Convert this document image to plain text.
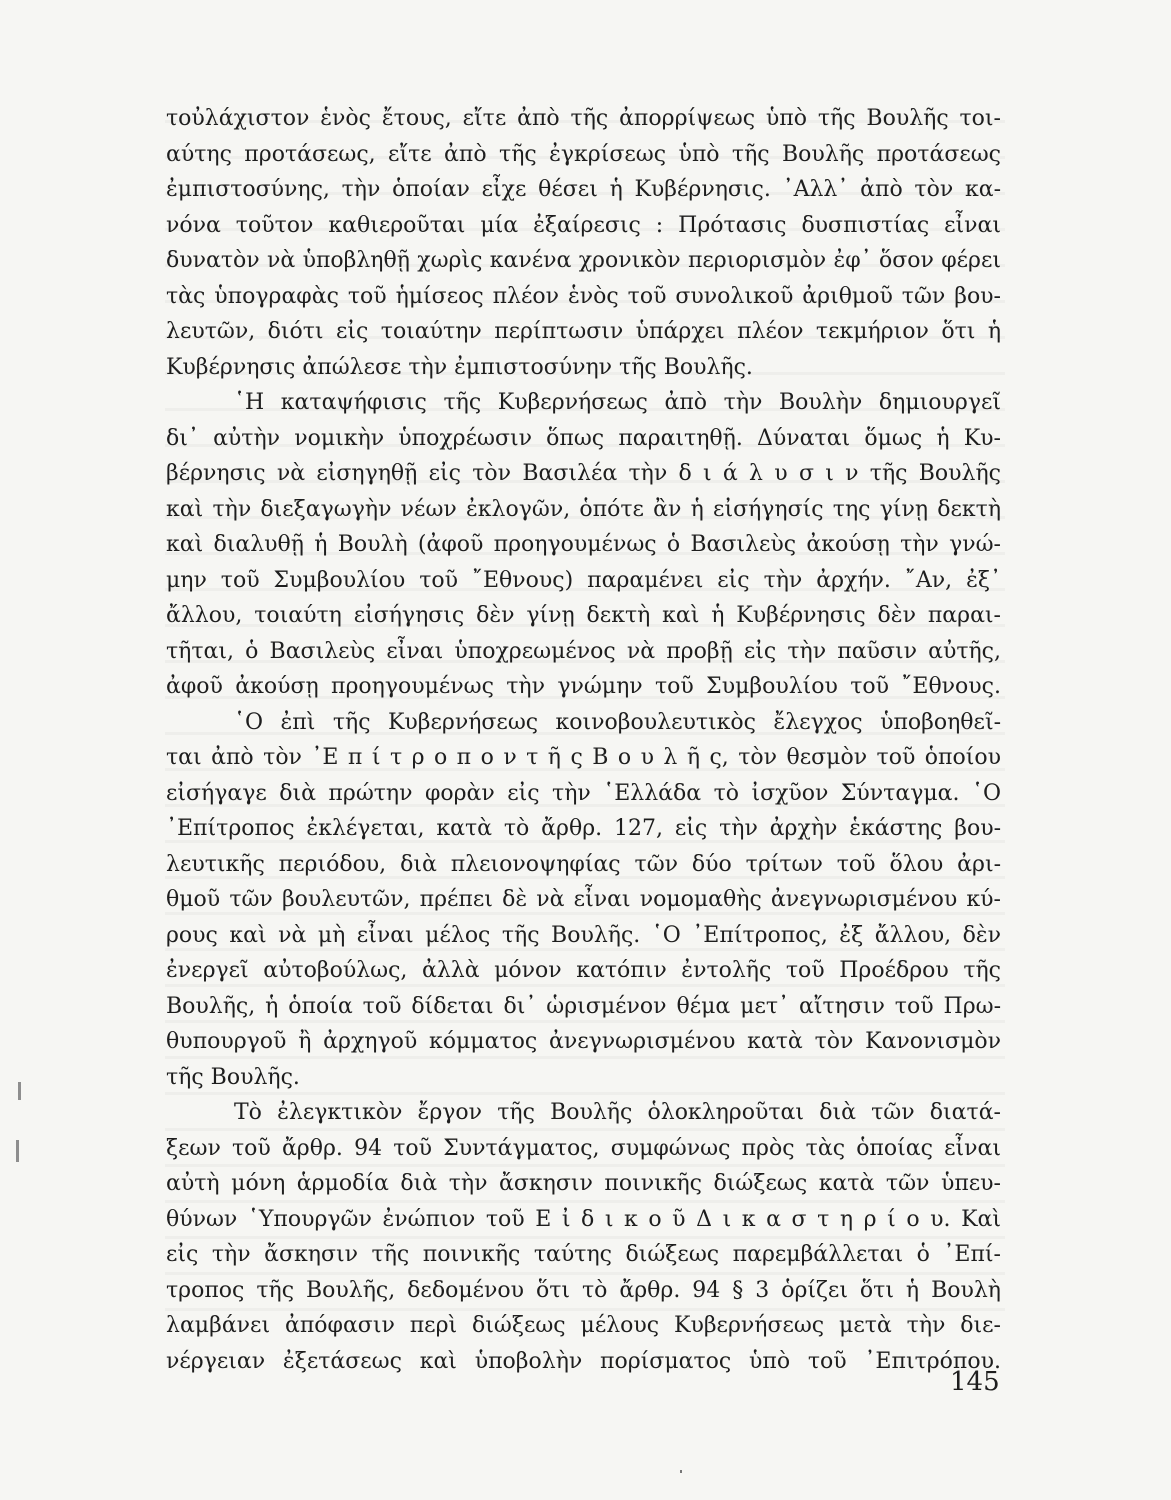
τοὐλάχιστον ἑνὸς ἔτους, εἴτε ἀπὸ τῆς ἀπορρίψεως ὑπὸ τῆς Βουλῆς τοι-
αύτης προτάσεως, εἴτε ἀπὸ τῆς ἐγκρίσεως ὑπὸ τῆς Βουλῆς προτάσεως
ἐμπιστοσύνης, τὴν ὁποίαν εἶχε θέσει ἡ Κυβέρνησις. ᾿Αλλ᾿ ἀπὸ τὸν κα-
νόνα τοῦτον καθιεροῦται μία ἐξαίρεσις : Πρότασις δυσπιστίας εἶναι
δυνατὸν νὰ ὑποβληθῇ χωρὶς κανένα χρονικὸν περιορισμὸν ἐφ᾿ ὅσον φέρει
τὰς ὑπογραφὰς τοῦ ἡμίσεος πλέον ἑνὸς τοῦ συνολικοῦ ἀριθμοῦ τῶν βου-
λευτῶν, διότι εἰς τοιαύτην περίπτωσιν ὑπάρχει πλέον τεκμήριον ὅτι ἡ
Κυβέρνησις ἀπώλεσε τὴν ἐμπιστοσύνην τῆς Βουλῆς.
῾Η καταψήφισις τῆς Κυβερνήσεως ἀπὸ τὴν Βουλὴν δημιουργεῖ
δι᾿ αὐτὴν νομικὴν ὑποχρέωσιν ὅπως παραιτηθῇ. Δύναται ὅμως ἡ Κυ-
βέρνησις νὰ εἰσηγηθῇ εἰς τὸν Βασιλέα τὴν δ ι ά λ υ σ ι ν τῆς Βουλῆς
καὶ τὴν διεξαγωγὴν νέων ἐκλογῶν, ὁπότε ἂν ἡ εἰσήγησίς της γίνῃ δεκτὴ
καὶ διαλυθῇ ἡ Βουλὴ (ἀφοῦ προηγουμένως ὁ Βασιλεὺς ἀκούσῃ τὴν γνώ-
μην τοῦ Συμβουλίου τοῦ ῎Εθνους) παραμένει εἰς τὴν ἀρχήν. ῎Αν, ἐξ᾿
ἄλλου, τοιαύτη εἰσήγησις δὲν γίνῃ δεκτὴ καὶ ἡ Κυβέρνησις δὲν παραι-
τῆται, ὁ Βασιλεὺς εἶναι ὑποχρεωμένος νὰ προβῇ εἰς τὴν παῦσιν αὐτῆς,
ἀφοῦ ἀκούσῃ προηγουμένως τὴν γνώμην τοῦ Συμβουλίου τοῦ ῎Εθνους.
῾Ο ἐπὶ τῆς Κυβερνήσεως κοινοβουλευτικὸς ἔλεγχος ὑποβοηθεῖ-
ται ἀπὸ τὸν ᾿Ε π ί τ ρ ο π ο ν τ ῆ ς Β ο υ λ ῆ ς, τὸν θεσμὸν τοῦ ὁποίου
εἰσήγαγε διὰ πρώτην φορὰν εἰς τὴν ῾Ελλάδα τὸ ἰσχῦον Σύνταγμα. ῾Ο
᾿Επίτροπος ἐκλέγεται, κατὰ τὸ ἄρθρ. 127, εἰς τὴν ἀρχὴν ἑκάστης βου-
λευτικῆς περιόδου, διὰ πλειονοψηφίας τῶν δύο τρίτων τοῦ ὅλου ἀρι-
θμοῦ τῶν βουλευτῶν, πρέπει δὲ νὰ εἶναι νομομαθὴς ἀνεγνωρισμένου κύ-
ρους καὶ νὰ μὴ εἶναι μέλος τῆς Βουλῆς. ῾Ο ᾿Επίτροπος, ἐξ ἄλλου, δὲν
ἐνεργεῖ αὐτοβούλως, ἀλλὰ μόνον κατόπιν ἐντολῆς τοῦ Προέδρου τῆς
Βουλῆς, ἡ ὁποία τοῦ δίδεται δι᾿ ὡρισμένον θέμα μετ᾿ αἴτησιν τοῦ Πρω-
θυπουργοῦ ἢ ἀρχηγοῦ κόμματος ἀνεγνωρισμένου κατὰ τὸν Κανονισμὸν
τῆς Βουλῆς.
Τὸ ἐλεγκτικὸν ἔργον τῆς Βουλῆς ὁλοκληροῦται διὰ τῶν διατά-
ξεων τοῦ ἄρθρ. 94 τοῦ Συντάγματος, συμφώνως πρὸς τὰς ὁποίας εἶναι
αὐτὴ μόνη ἁρμοδία διὰ τὴν ἄσκησιν ποινικῆς διώξεως κατὰ τῶν ὑπευ-
θύνων ῾Υπουργῶν ἐνώπιον τοῦ Ε ἰ δ ι κ ο ῦ Δ ι κ α σ τ η ρ ί ο υ. Καὶ
εἰς τὴν ἄσκησιν τῆς ποινικῆς ταύτης διώξεως παρεμβάλλεται ὁ ᾿Επί-
τροπος τῆς Βουλῆς, δεδομένου ὅτι τὸ ἄρθρ. 94 § 3 ὁρίζει ὅτι ἡ Βουλὴ
λαμβάνει ἀπόφασιν περὶ διώξεως μέλους Κυβερνήσεως μετὰ τὴν διε-
νέργειαν ἐξετάσεως καὶ ὑποβολὴν πορίσματος ὑπὸ τοῦ ᾿Επιτρόπου.
145
